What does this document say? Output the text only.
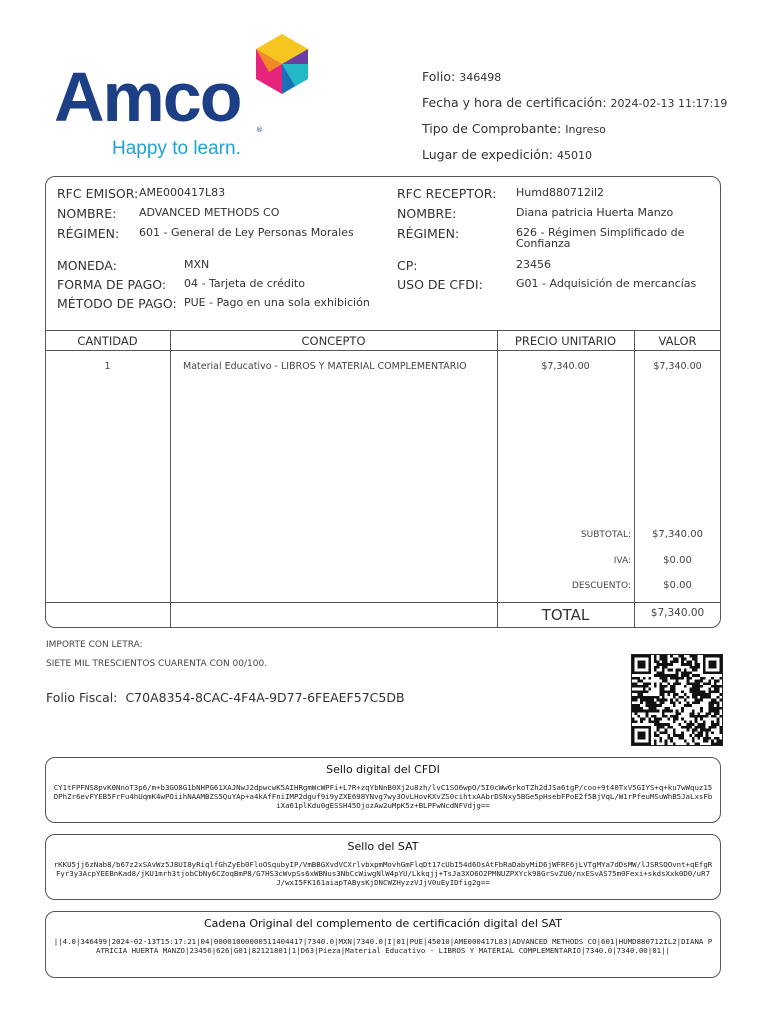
Amco ®
Happy to learn.
Folio: 346498
Fecha y hora de certificación: 2024-02-13 11:17:19
Tipo de Comprobante: Ingreso
Lugar de expedición: 45010
RFC EMISOR: AME000417L83
NOMBRE: ADVANCED METHODS CO
RÉGIMEN: 601 - General de Ley Personas Morales
MONEDA:	MXN
FORMA DE PAGO: 04 - Tarjeta de crédito
MÉTODO DE PAGO: PUE - Pago en una sola exhibición
RFC RECEPTOR: Humd880712il2
NOMBRE:	Diana patricia Huerta Manzo
RÉGIMEN:	626 - Régimen Simplificado de
Confianza
CP:	23456
USO DE CFDI:	G01 - Adquisición de mercancías
CANTIDAD	CONCEPTO	PRECIO UNITARIO	VALOR
1	Material Educativo - LIBROS Y MATERIAL COMPLEMENTARIO	$7,340.00	$7,340.00
SUBTOTAL:	$7,340.00
IVA:	$0.00
DESCUENTO:	$0.00
TOTAL	$7,340.00
IMPORTE CON LETRA:
SIETE MIL TRESCIENTOS CUARENTA CON 00/100.
Folio Fiscal: C70A8354-8CAC-4F4A-9D77-6FEAEF57C5DB
Sello digital del CFDI
CY1tFPFNS8pvK0NnoT3p6/m+b3GO8G1bNHPG61XAJNwJ2dpwcwK5AIHRgmWcWPFi+L7R+zqYbNnB0Xj2u8zh/lvC1SO6wpO/5I0cWw6rkoTZh2dJSa6tgP/coo+9t40TxV5GIYS+q+ku7wWquz15DPhZr6evFYEB5FrFu4hUqmK4wPOiihNAAMBZS5QuYAp+a4kAfFniIMP2dguf9i9yZXE698YNvg7wy3OvLHovKXvZS0cihtxAAbrDSNxy5BGe5pHsebFPoE2f5BjVqL/W1rPfeuMSuWhB5JaLxsFbiXa61plKdu0gESSH45OjozAw2uMpK5z+BLPFwNcdNFVdjg==
Sello del SAT
rKKU5jj6zNab8/b67z2xSAvWz5J8UI8yRiqlfGhZyEb0FloOSqubyIP/VmBBGXvdVCXrlvbxpmMovhGmFlqDt17cUbI54d6OsAtFbRaDabyMiD6jWFRF6jLVTgMYa7dDsMW/lJSRSOOvnt+qEfgRFyr3y3AcpYEEBnKad8/jKU1mrh3tjobCbNy6CZoqBmP8/G7HS3cWvpSs6xWBNus3NbCcWiwgNlW4pYU/Lkkqjj+TsJa3XO6O2PMNUZPXYck98GrSvZU0/nxESvAS75m0Fexi+skdsXxk0D0/uR7J/wxI5FK161aiapTABysKjDNCWZHyzzVJjV0uEyIDfig2g==
Cadena Original del complemento de certificación digital del SAT
||4.0|346499|2024-02-13T15:17:21|04|00001000000511404417|7340.0|MXN|7340.0|I|01|PUE|45010|AME000417L83|ADVANCED METHODS CO|601|HUMD880712IL2|DIANA PATRICIA HUERTA MANZO|23456|626|G01|82121801|1|D63|Pieza|Material Educativo - LIBROS Y MATERIAL COMPLEMENTARIO|7340.0|7340.00|01||
